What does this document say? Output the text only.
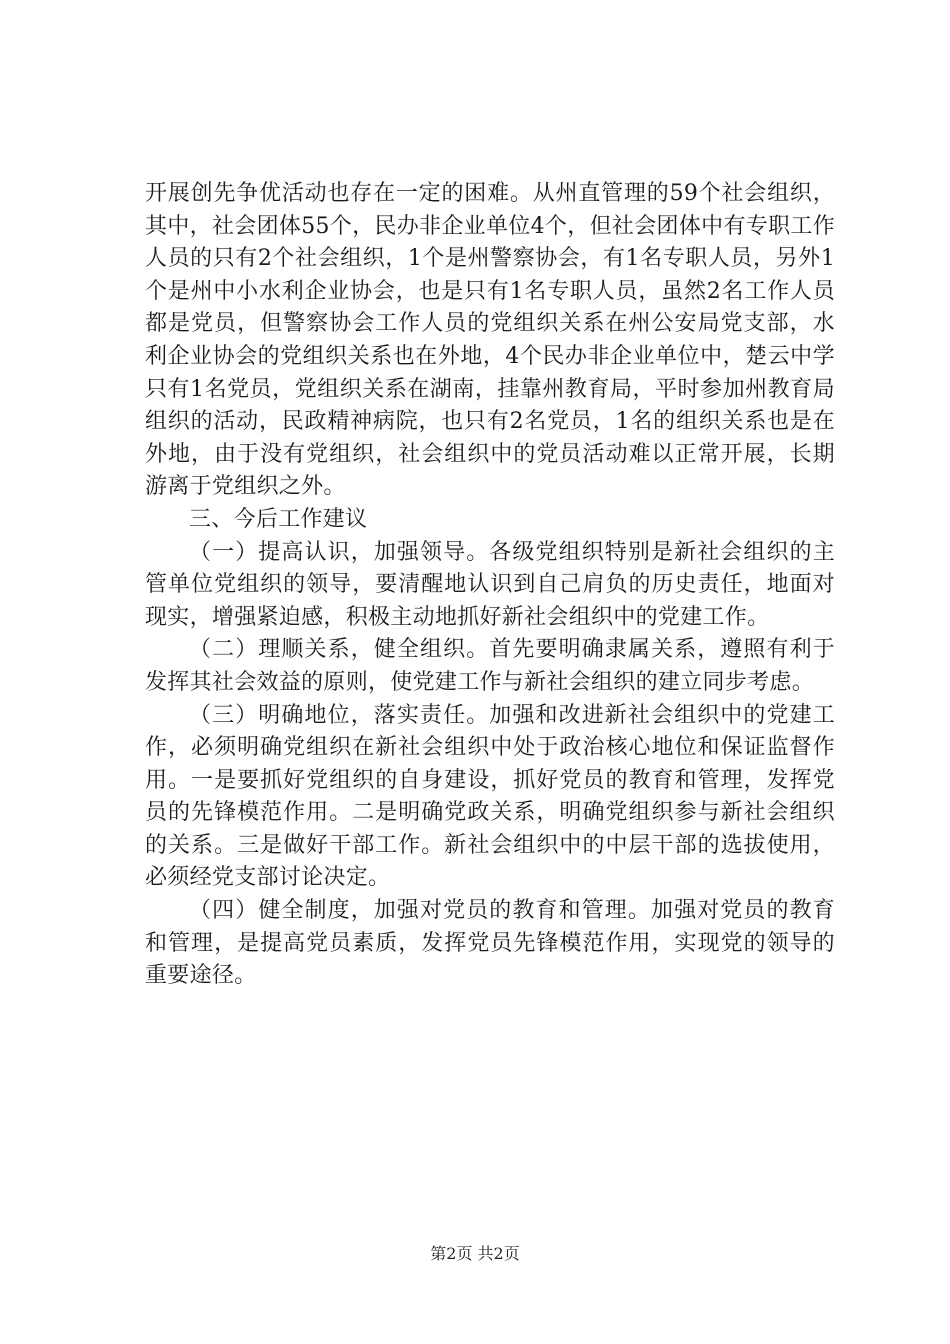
开展创先争优活动也存在一定的困难。从州直管理的59个社会组织，其中，社会团体55个，民办非企业单位4个，但社会团体中有专职工作人员的只有2个社会组织，1个是州警察协会，有1名专职人员，另外1个是州中小水利企业协会，也是只有1名专职人员，虽然2名工作人员都是党员，但警察协会工作人员的党组织关系在州公安局党支部，水利企业协会的党组织关系也在外地，4个民办非企业单位中，楚云中学只有1名党员，党组织关系在湖南，挂靠州教育局，平时参加州教育局组织的活动，民政精神病院，也只有2名党员，1名的组织关系也是在外地，由于没有党组织，社会组织中的党员活动难以正常开展，长期游离于党组织之外。

三、今后工作建议

（一）提高认识，加强领导。各级党组织特别是新社会组织的主管单位党组织的领导，要清醒地认识到自己肩负的历史责任，地面对现实，增强紧迫感，积极主动地抓好新社会组织中的党建工作。

（二）理顺关系，健全组织。首先要明确隶属关系，遵照有利于发挥其社会效益的原则，使党建工作与新社会组织的建立同步考虑。

（三）明确地位，落实责任。加强和改进新社会组织中的党建工作，必须明确党组织在新社会组织中处于政治核心地位和保证监督作用。一是要抓好党组织的自身建设，抓好党员的教育和管理，发挥党员的先锋模范作用。二是明确党政关系，明确党组织参与新社会组织的关系。三是做好干部工作。新社会组织中的中层干部的选拔使用，必须经党支部讨论决定。

（四）健全制度，加强对党员的教育和管理。加强对党员的教育和管理，是提高党员素质，发挥党员先锋模范作用，实现党的领导的重要途径。

第2页 共2页
